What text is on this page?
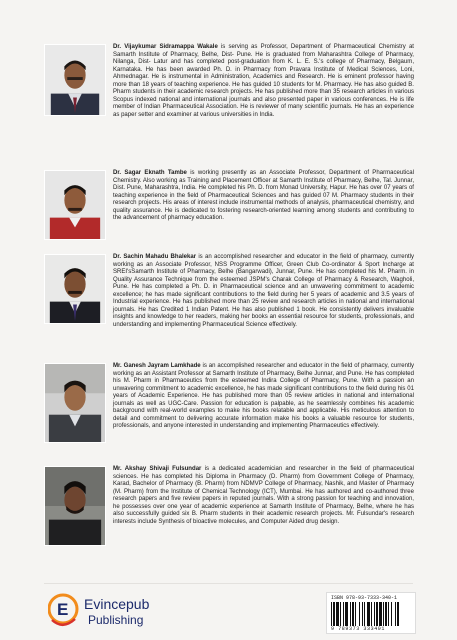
Dr. Vijaykumar Sidramappa Wakale is serving as Professor, Department of Pharmaceutical Chemistry at Samarth Institute of Pharmacy, Belhe, Dist- Pune. He is graduated from Maharashtra College of Pharmacy, Nilanga, Dist- Latur and has completed post-graduation from K. L. E. S.'s college of Pharmacy, Belgaum, Karnataka. He has been awarded Ph. D. in Pharmacy from Pravara Institute of Medical Sciences, Loni, Ahmednagar. He is instrumental in Administration, Academics and Research. He is eminent professor having more than 18 years of teaching experience. He has guided 10 students for M. Pharmacy. He has also guided B. Pharm students in their academic research projects. He has published more than 35 research articles in various Scopus indexed national and international journals and also presented paper in various conferences. He is life member of Indian Pharmaceutical Association. He is reviewer of many scientific journals. He has an experience as paper setter and examiner at various universities in India.
Dr. Sagar Eknath Tambe is working presently as an Associate Professor, Department of Pharmaceutical Chemistry. Also working as Training and Placement Officer at Samarth Institute of Pharmacy, Belhe, Tal. Junnar, Dist. Pune, Maharashtra, India. He completed his Ph. D. from Monad University, Hapur. He has over 07 years of teaching experience in the field of Pharmaceutical Sciences and has guided 07 M. Pharmacy students in their research projects. His areas of interest include instrumental methods of analysis, pharmaceutical chemistry, and quality assurance. He is dedicated to fostering research-oriented learning among students and contributing to the advancement of pharmacy education.
Dr. Sachin Mahadu Bhalekar is an accomplished researcher and educator in the field of pharmacy, currently working as an Associate Professor, NSS Programme Officer, Green Club Co-ordinator & Sport Incharge at SREI'sSamarth Institute of Pharmacy, Belhe (Bangarwadi), Junnar, Pune. He has completed his M. Pharm. in Quality Assurance Technique from the esteemed JSPM's Charak College of Pharmacy & Research, Wagholi, Pune. He has completed a Ph. D. in Pharmaceutical science and an unwavering commitment to academic excellence; he has made significant contributions to the field during her 5 years of academic and 3.5 years of Industrial experience. He has published more than 25 review and research articles in national and international journals. He has Credited 1 Indian Patent. He has also published 1 book. He consistently delivers invaluable insights and knowledge to her readers, making her books an essential resource for students, professionals, and understanding and implementing Pharmaceutical Science effectively.
Mr. Ganesh Jayram Lamkhade is an accomplished researcher and educator in the field of pharmacy, currently working as an Assistant Professor at Samarth Institute of Pharmacy, Belhe Junnar, and Pune. He has completed his M. Pharm in Pharmaceutics from the esteemed Indira College of Pharmacy, Pune. With a passion an unwavering commitment to academic excellence, he has made significant contributions to the field during his 01 years of Academic Experience. He has published more than 05 review articles in national and international journals as well as UGC-Care. Passion for education is palpable, as he seamlessly combines his academic background with real-world examples to make his books relatable and applicable. His meticulous attention to detail and commitment to delivering accurate information make his books a valuable resource for students, professionals, and anyone interested in understanding and implementing Pharmaceutics effectively.
Mr. Akshay Shivaji Fulsundar is a dedicated academician and researcher in the field of pharmaceutical sciences. He has completed his Diploma in Pharmacy (D. Pharm) from Government College of Pharmacy, Karad, Bachelor of Pharmacy (B. Pharm) from NDMVP College of Pharmacy, Nashik, and Master of Pharmacy (M. Pharm) from the Institute of Chemical Technology (ICT), Mumbai. He has authored and co-authored three research papers and five review papers in reputed journals. With a strong passion for teaching and innovation, he possesses over one year of academic experience at Samarth Institute of Pharmacy, Belhe, where he has also successfully guided six B. Pharm students in their academic research projects. Mr. Fulsundar's research interests include Synthesis of bioactive molecules, and Computer Aided drug design.
E Evincepub
Publishing
ISBN 978-93-7333-340-1
9 789373 333401
